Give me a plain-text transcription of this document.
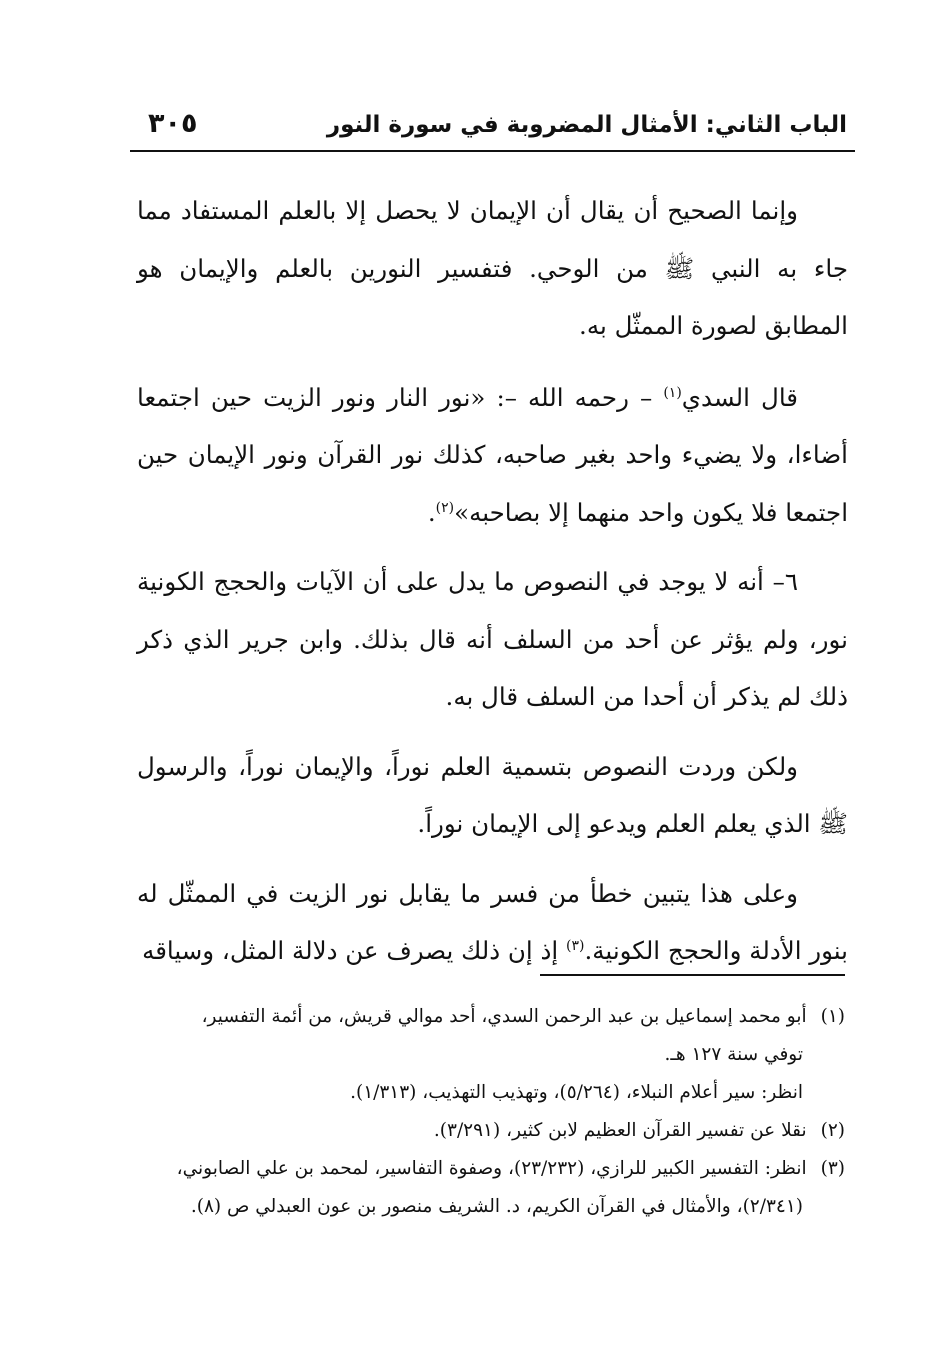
الباب الثاني: الأمثال المضروبة في سورة النور
٣٠٥

وإنما الصحيح أن يقال أن الإيمان لا يحصل إلا بالعلم المستفاد مما جاء به النبي ﷺ من الوحي. فتفسير النورين بالعلم والإيمان هو المطابق لصورة الممثّل به.

قال السدي$^{(١)}$ – رحمه الله –: «نور النار ونور الزيت حين اجتمعا أضاءا، ولا يضيء واحد بغير صاحبه، كذلك نور القرآن ونور الإيمان حين اجتمعا فلا يكون واحد منهما إلا بصاحبه»$^{(٢)}$.

٦– أنه لا يوجد في النصوص ما يدل على أن الآيات والحجج الكونية نور، ولم يؤثر عن أحد من السلف أنه قال بذلك. وابن جرير الذي ذكر ذلك لم يذكر أن أحدا من السلف قال به.

ولكن وردت النصوص بتسمية العلم نوراً، والإيمان نوراً، والرسول ﷺ الذي يعلم العلم ويدعو إلى الإيمان نوراً.

وعلى هذا يتبين خطأ من فسر ما يقابل نور الزيت في الممثّل له بنور الأدلة والحجج الكونية.$^{(٣)}$ إذ إن ذلك يصرف عن دلالة المثل، وسياقه

(١)أبو محمد إسماعيل بن عبد الرحمن السدي، أحد موالي قريش، من أئمة التفسير،

توفي سنة ١٢٧ هـ.

انظر: سير أعلام النبلاء، (٥/٢٦٤)، وتهذيب التهذيب، (١/٣١٣).

(٢)نقلا عن تفسير القرآن العظيم لابن كثير، (٣/٢٩١).

(٣)انظر: التفسير الكبير للرازي، (٢٣/٢٣٢)، وصفوة التفاسير، لمحمد بن علي الصابوني،

(٢/٣٤١)، والأمثال في القرآن الكريم، د. الشريف منصور بن عون العبدلي ص (٨).
